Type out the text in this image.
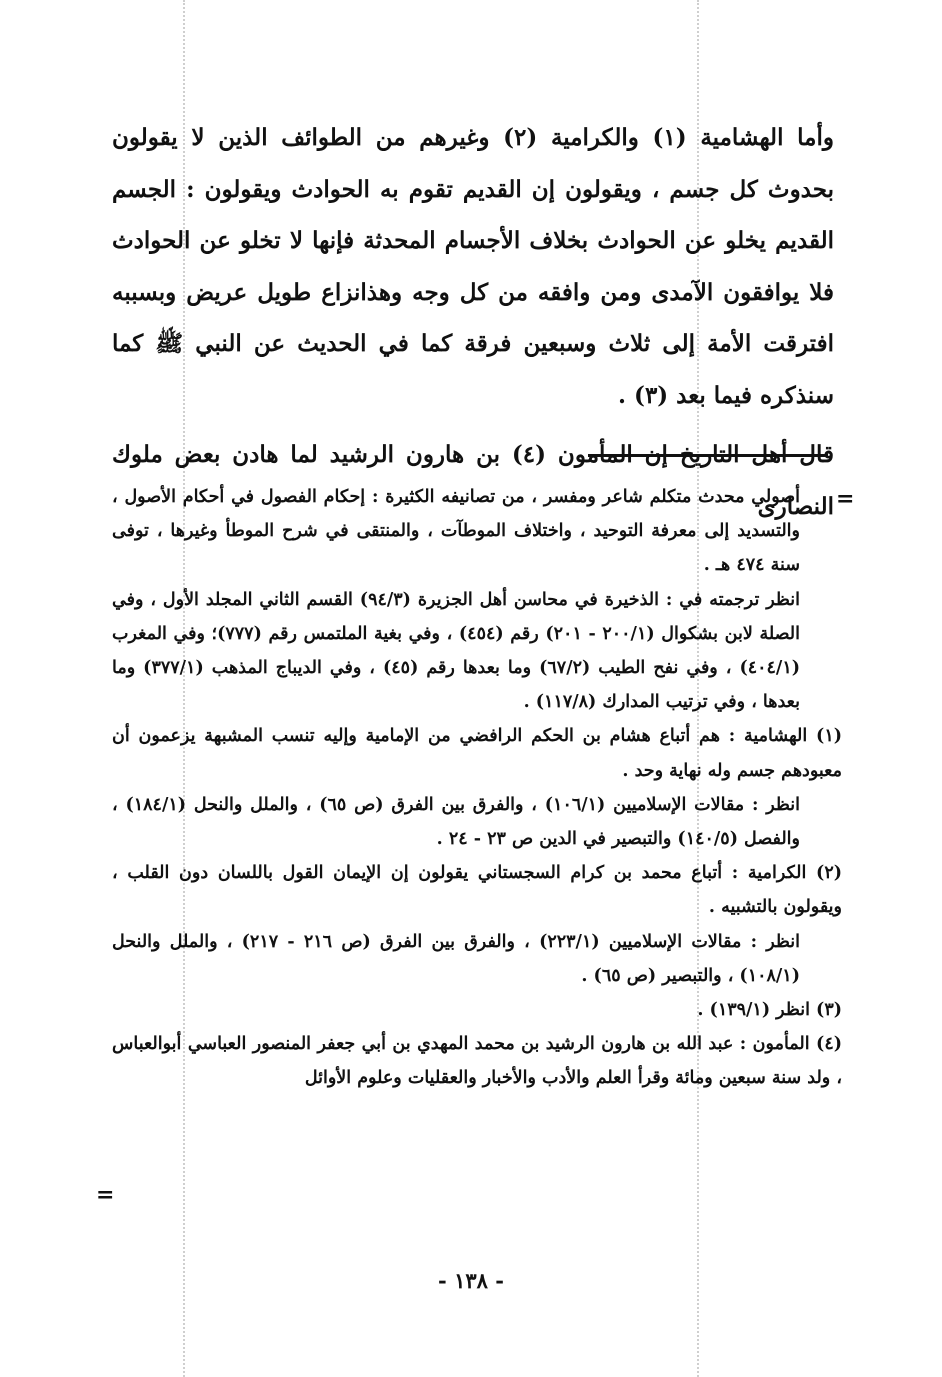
وأما الهشامية (١) والكرامية (٢) وغيرهم من الطوائف الذين لا يقولون بحدوث كل جسم ، ويقولون إن القديم تقوم به الحوادث ويقولون : الجسم القديم يخلو عن الحوادث بخلاف الأجسام المحدثة فإنها لا تخلو عن الحوادث فلا يوافقون الآمدى ومن وافقه من كل وجه وهذانزاع طويل عريض وبسببه افترقت الأمة إلى ثلاث وسبعين فرقة كما في الحديث عن النبي ﷺ كما سنذكره فيما بعد (٣) .

قال أهل التاريخ إن المأمون (٤) بن هارون الرشيد لما هادن بعض ملوك النصارى =

أصولي محدث متكلم شاعر ومفسر ، من تصانيفه الكثيرة : إحكام الفصول في أحكام الأصول ، والتسديد إلى معرفة التوحيد ، واختلاف الموطآت ، والمنتقى في شرح الموطأ وغيرها ، توفى سنة ٤٧٤ هـ .

انظر ترجمته في : الذخيرة في محاسن أهل الجزيرة (٩٤/٣) القسم الثاني المجلد الأول ، وفي الصلة لابن بشكوال (٢٠٠/١ - ٢٠١) رقم (٤٥٤) ، وفي بغية الملتمس رقم (٧٧٧)؛ وفي المغرب (٤٠٤/١) ، وفي نفح الطيب (٦٧/٢) وما بعدها رقم (٤٥) ، وفي الديباج المذهب (٣٧٧/١) وما بعدها ، وفي ترتيب المدارك (١١٧/٨) .

(١) الهشامية : هم أتباع هشام بن الحكم الرافضي من الإمامية وإليه تنسب المشبهة يزعمون أن معبودهم جسم وله نهاية وحد .

انظر : مقالات الإسلاميين (١٠٦/١) ، والفرق بين الفرق (ص ٦٥) ، والملل والنحل (١٨٤/١) ، والفصل (١٤٠/٥) والتبصير في الدين ص ٢٣ - ٢٤ .

(٢) الكرامية : أتباع محمد بن كرام السجستاني يقولون إن الإيمان القول باللسان دون القلب ، ويقولون بالتشبيه .

انظر : مقالات الإسلاميين (٢٢٣/١) ، والفرق بين الفرق (ص ٢١٦ - ٢١٧) ، والملل والنحل (١٠٨/١) ، والتبصير (ص ٦٥) .

(٣) انظر (١٣٩/١) .

(٤) المأمون : عبد الله بن هارون الرشيد بن محمد المهدي بن أبي جعفر المنصور العباسي أبوالعباس ، ولد سنة سبعين ومائة وقرأ العلم والأدب والأخبار والعقليات وعلوم الأوائل

=
- ١٣٨ -
